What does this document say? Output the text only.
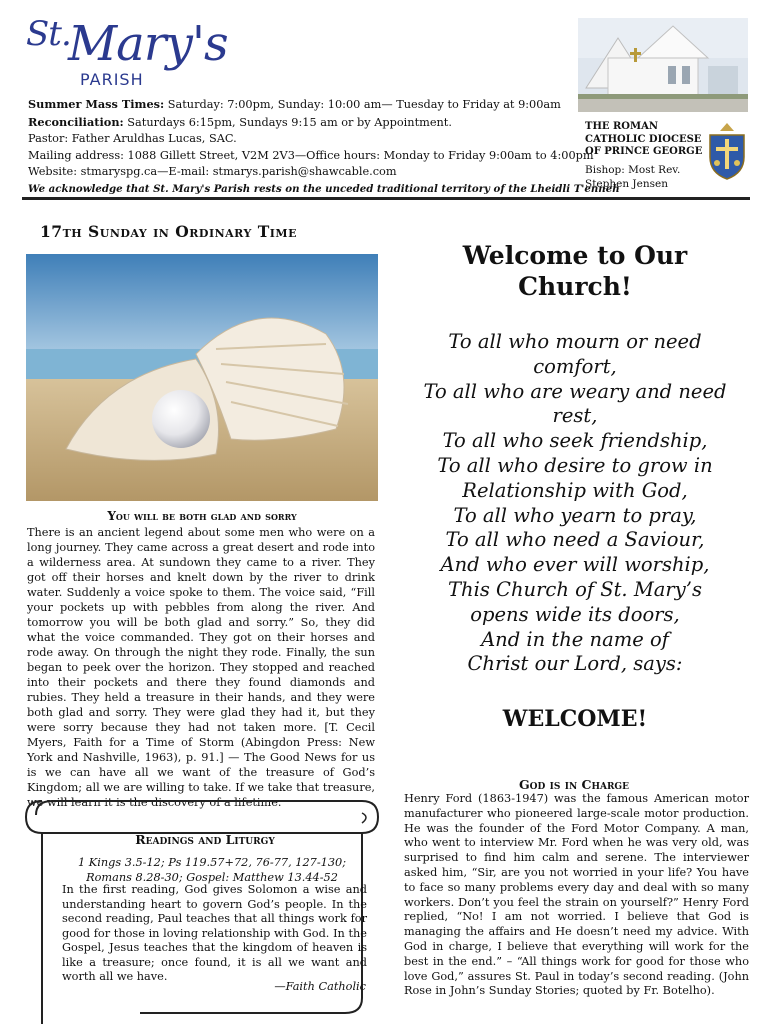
St.
Mary's
PARISH
Summer Mass Times: Saturday: 7:00pm, Sunday: 10:00 am— Tuesday to Friday at 9:00am
Reconciliation: Saturdays 6:15pm, Sundays 9:15 am or by Appointment.
Pastor: Father Aruldhas Lucas, SAC.
Mailing address: 1088 Gillett Street, V2M 2V3—Office hours: Monday to Friday 9:00am to 4:00pm
Website: stmaryspg.ca—E-mail: stmarys.parish@shawcable.com
We acknowledge that St. Mary's Parish rests on the unceded traditional territory of the Lheidli T'enneh
THE ROMAN
CATHOLIC DIOCESE
OF PRINCE GEORGE
Bishop: Most Rev.
Stephen Jensen
17th Sunday in Ordinary Time
You will be both glad and sorry
There is an ancient legend about some men who were on a long journey. They came across a great desert and rode into a wilderness area. At sundown they came to a river. They got off their horses and knelt down by the river to drink water. Suddenly a voice spoke to them. The voice said, “Fill your pockets up with pebbles from along the river. And tomorrow you will be both glad and sorry.” So, they did what the voice commanded. They got on their horses and rode away. On through the night they rode. Finally, the sun began to peek over the horizon. They stopped and reached into their pockets and there they found diamonds and rubies. They held a treasure in their hands, and they were both glad and sorry. They were glad they had it, but they were sorry because they had not taken more. [T. Cecil Myers, Faith for a Time of Storm (Abingdon Press: New York and Nashville, 1963), p. 91.] — The Good News for us is we can have all we want of the treasure of God’s Kingdom; all we are willing to take. If we take that treasure, we will learn it is the discovery of a lifetime.
Readings and Liturgy
1 Kings 3.5-12; Ps 119.57+72, 76-77, 127-130;
Romans 8.28-30; Gospel: Matthew 13.44-52
In the first reading, God gives Solomon a wise and understanding heart to govern God’s people. In the second reading, Paul teaches that all things work for good for those in loving relationship with God. In the Gospel, Jesus teaches that the kingdom of heaven is like a treasure; once found, it is all we want and worth all we have.
—Faith Catholic
Welcome to Our
Church!
To all who mourn or need
comfort,
To all who are weary and need
rest,
To all who seek friendship,
To all who desire to grow in
Relationship with God,
To all who yearn to pray,
To all who need a Saviour,
And who ever will worship,
This Church of St. Mary’s
opens wide its doors,
And in the name of
Christ our Lord, says:
WELCOME!
God is in Charge
Henry Ford (1863-1947) was the famous American motor manufacturer who pioneered large-scale motor production. He was the founder of the Ford Motor Company. A man, who went to interview Mr. Ford when he was very old, was surprised to find him calm and serene. The interviewer asked him, “Sir, are you not worried in your life? You have to face so many problems every day and deal with so many workers. Don’t you feel the strain on yourself?” Henry Ford replied, “No! I am not worried. I believe that God is managing the affairs and He doesn’t need my advice. With God in charge, I believe that everything will work for the best in the end.” – “All things work for good for those who love God,” assures St. Paul in today’s second reading. (John Rose in John’s Sunday Stories; quoted by Fr. Botelho).
